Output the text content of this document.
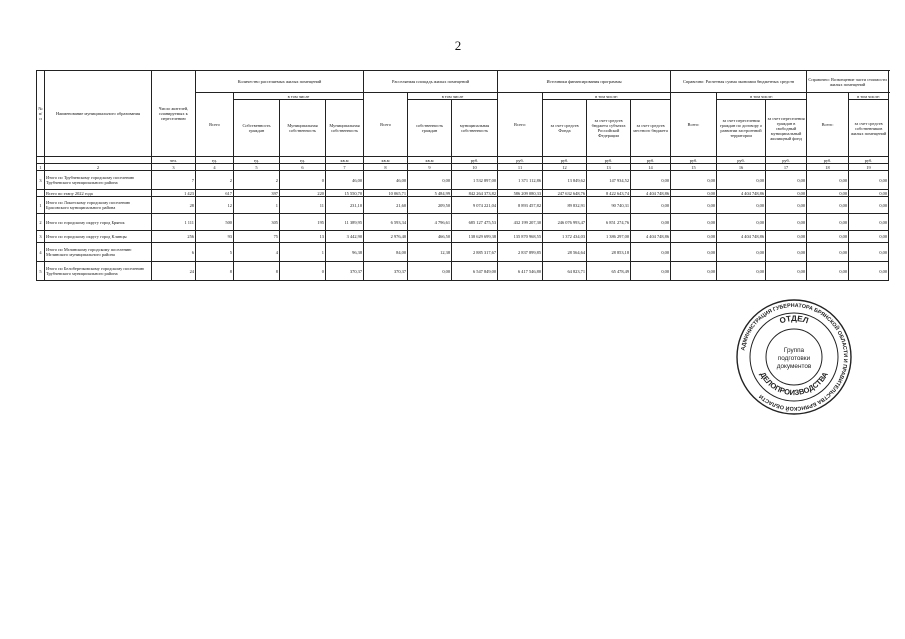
2
№ п/ п	Наименование муниципального образования	Число жителей, планируемых к переселению	Количество расселяемых жилых помещений				Расселяемая площадь жилых помещений			Источники финансирования программы				Справочно: Расчетная сумма экономии бюджетных средств			Справочно: Возмещение части стоимости жилых помещений		
			Всего	в том числе			Всего	в том числе		Всего:	в том числе:			Всего:	в том числе:		Всего:	в том числе:	
				Собственность граждан	Муниципальная собственность	Муниципальная собственность		собственность граждан	муниципальная собственность		за счет средств Фонда	за счет средств бюджета субъекта Российской Федерации	за счет средств местного бюджета		за счет переселения граждан по договору о развитии застроенной территории	за счет переселения граждан в свободный муниципальный жилищный фонд		за счет средств собственников жилых помещений	
		чел.	ед.	ед.	ед.	кв.м	кв.м	кв.м	руб.	руб.	руб.	руб.	руб.	руб.	руб.	руб.	руб.	руб.	
1	2	3	4	5	6	7	8	9	10	11	12	13	14	15	16	17	18	19	
3	Итого по Трубчевскому городскому поселению Трубчевского муниципального района	7	2	2	0	46,00	46,00	0,00	1 532 897,00	1 371 112,86	13 849,62	147 934,52	0,00	0,00	0,00	0,00	0,00	0,00	
	Всего по этапу 2022 года	1 423	617	397	220	15 550,70	10 065,71	5 484,99	842 264 373,82	586 209 080,33	247 632 648,76	8 422 643,74	4 404 748,86	0,00	4 404 748,86	0,00	0,00	0,00	
1	Итого по Локотскому городскому поселению Брасовского муниципального района	28	12	1	11	231,10	21,60	209,50	9 074 221,04	8 893 457,82	89 832,91	90 740,31	0,00	0,00	0,00	0,00	0,00	0,00	
2	Итого по городскому округу город Брянск	1 111	500	305	195	11 389,95	6 593,34	4 796,61	685 127 475,53	432 199 207,30	246 076 993,47	6 851 274,76	0,00	0,00	0,00	0,00	0,00	0,00	
3	Итого по городскому округу город Клинцы	256	93	75	13	3 442,90	2 976,40	466,50	138 629 699,38	135 870 968,55	1 372 434,03	1 386 297,00	4 404 748,86	0,00	4 404 748,86	0,00	0,00	0,00	
4	Итого по Мглинскому городскому поселению Мглинского муниципального района	6	5	4	1	96,38	84,00	12,38	2 885 317,67	2 837 899,85	28 564,64	28 853,18	0,00	0,00	0,00	0,00	0,00	0,00	
5	Итого по Белоберезковскому городскому поселению Трубчевского муниципального района	24	8	8	0	370,37	370,37	0,00	6 547 849,00	6 417 546,80	64 823,71	65 478,49	0,00	0,00	0,00	0,00	0,00	0,00	
АДМИНИСТРАЦИЯ ГУБЕРНАТОРА БРЯНСКОЙ ОБЛАСТИ И ПРАВИТЕЛЬСТВА БРЯНСКОЙ ОБЛАСТИ
ОТДЕЛ
ДЕЛОПРОИЗВОДСТВА
Группа
подготовки
документов
